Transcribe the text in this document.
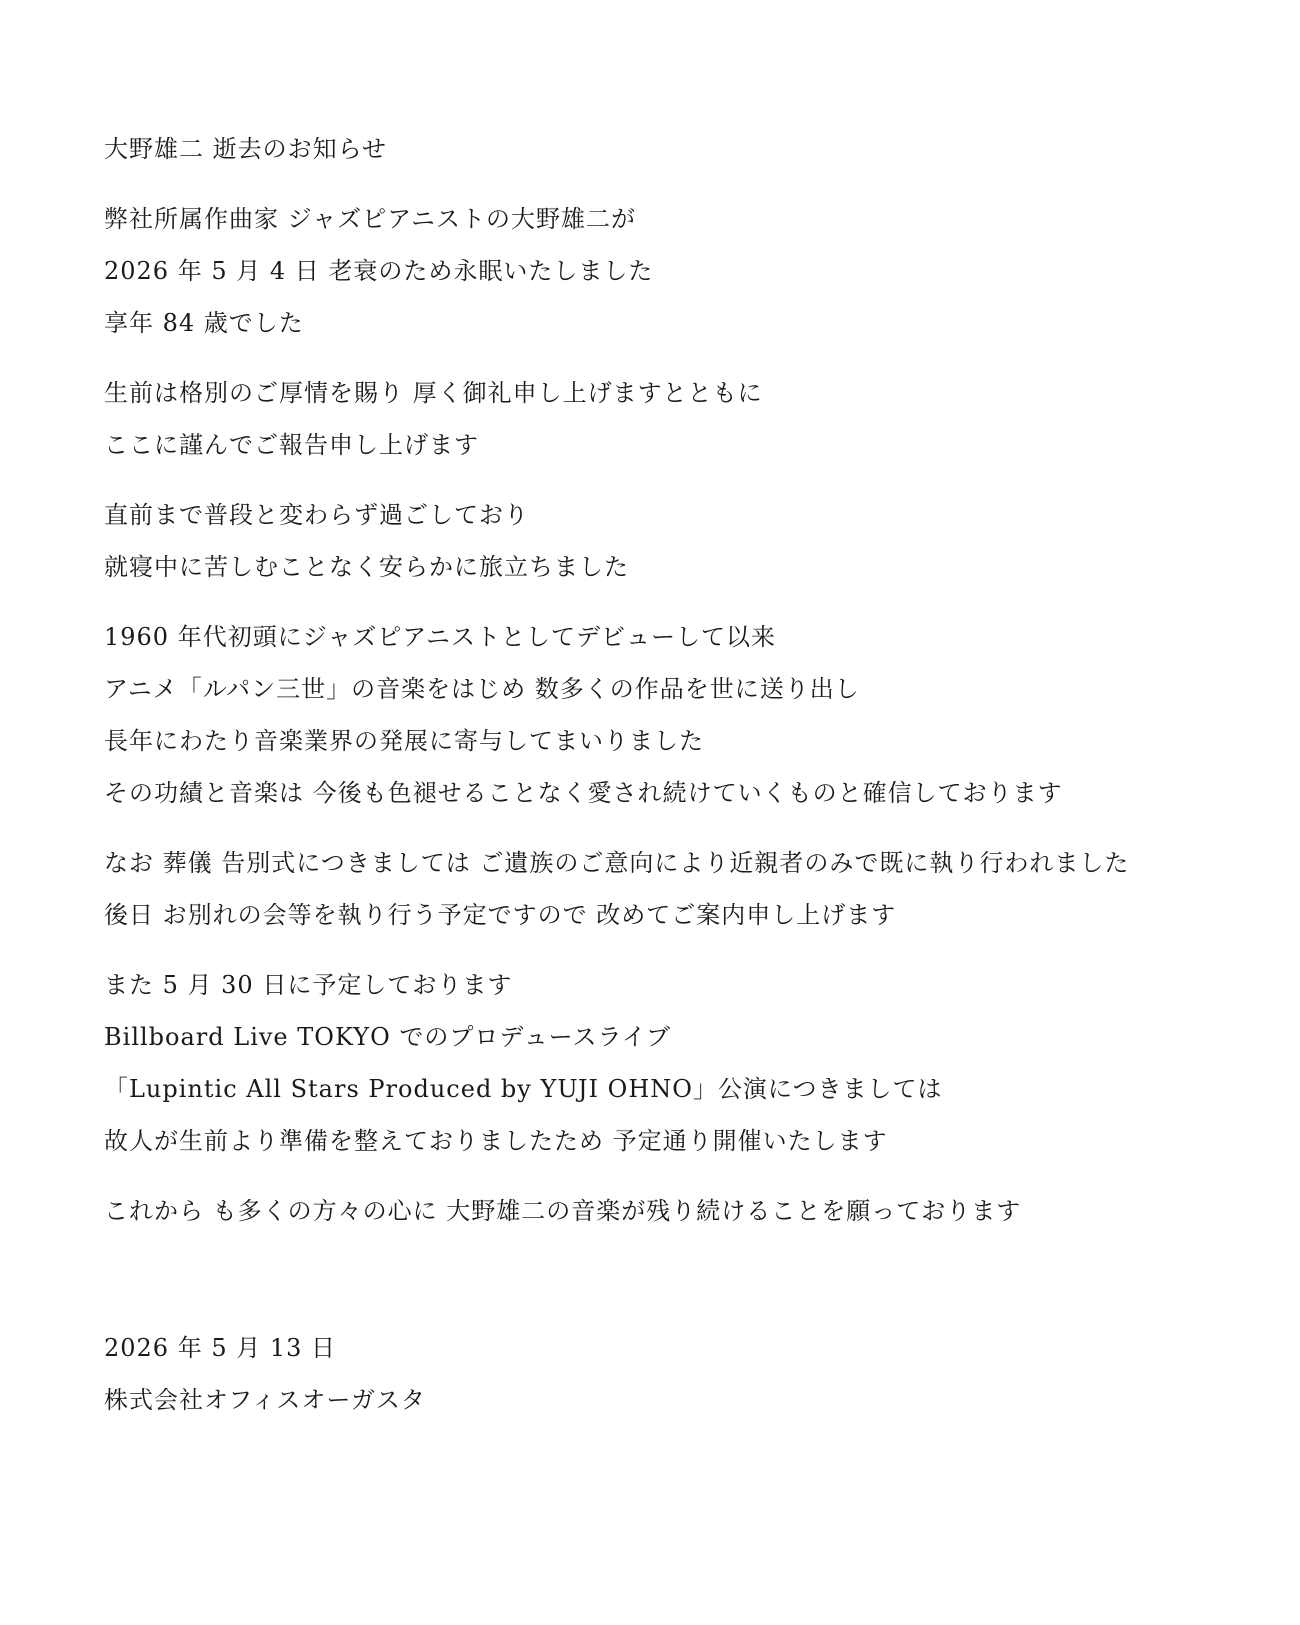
大野雄二 逝去のお知らせ
弊社所属作曲家 ジャズピアニストの大野雄二が
2026 年 5 月 4 日 老衰のため永眠いたしました
享年 84 歳でした
生前は格別のご厚情を賜り 厚く御礼申し上げますとともに
ここに謹んでご報告申し上げます
直前まで普段と変わらず過ごしており
就寝中に苦しむことなく安らかに旅立ちました
1960 年代初頭にジャズピアニストとしてデビューして以来
アニメ「ルパン三世」の音楽をはじめ 数多くの作品を世に送り出し
長年にわたり音楽業界の発展に寄与してまいりました
その功績と音楽は 今後も色褪せることなく愛され続けていくものと確信しております
なお 葬儀 告別式につきましては ご遺族のご意向により近親者のみで既に執り行われました
後日 お別れの会等を執り行う予定ですので 改めてご案内申し上げます
また 5 月 30 日に予定しております
Billboard Live TOKYO でのプロデュースライブ
「Lupintic All Stars Produced by YUJI OHNO」公演につきましては
故人が生前より準備を整えておりましたため 予定通り開催いたします
これから も多くの方々の心に 大野雄二の音楽が残り続けることを願っております
2026 年 5 月 13 日
株式会社オフィスオーガスタ
